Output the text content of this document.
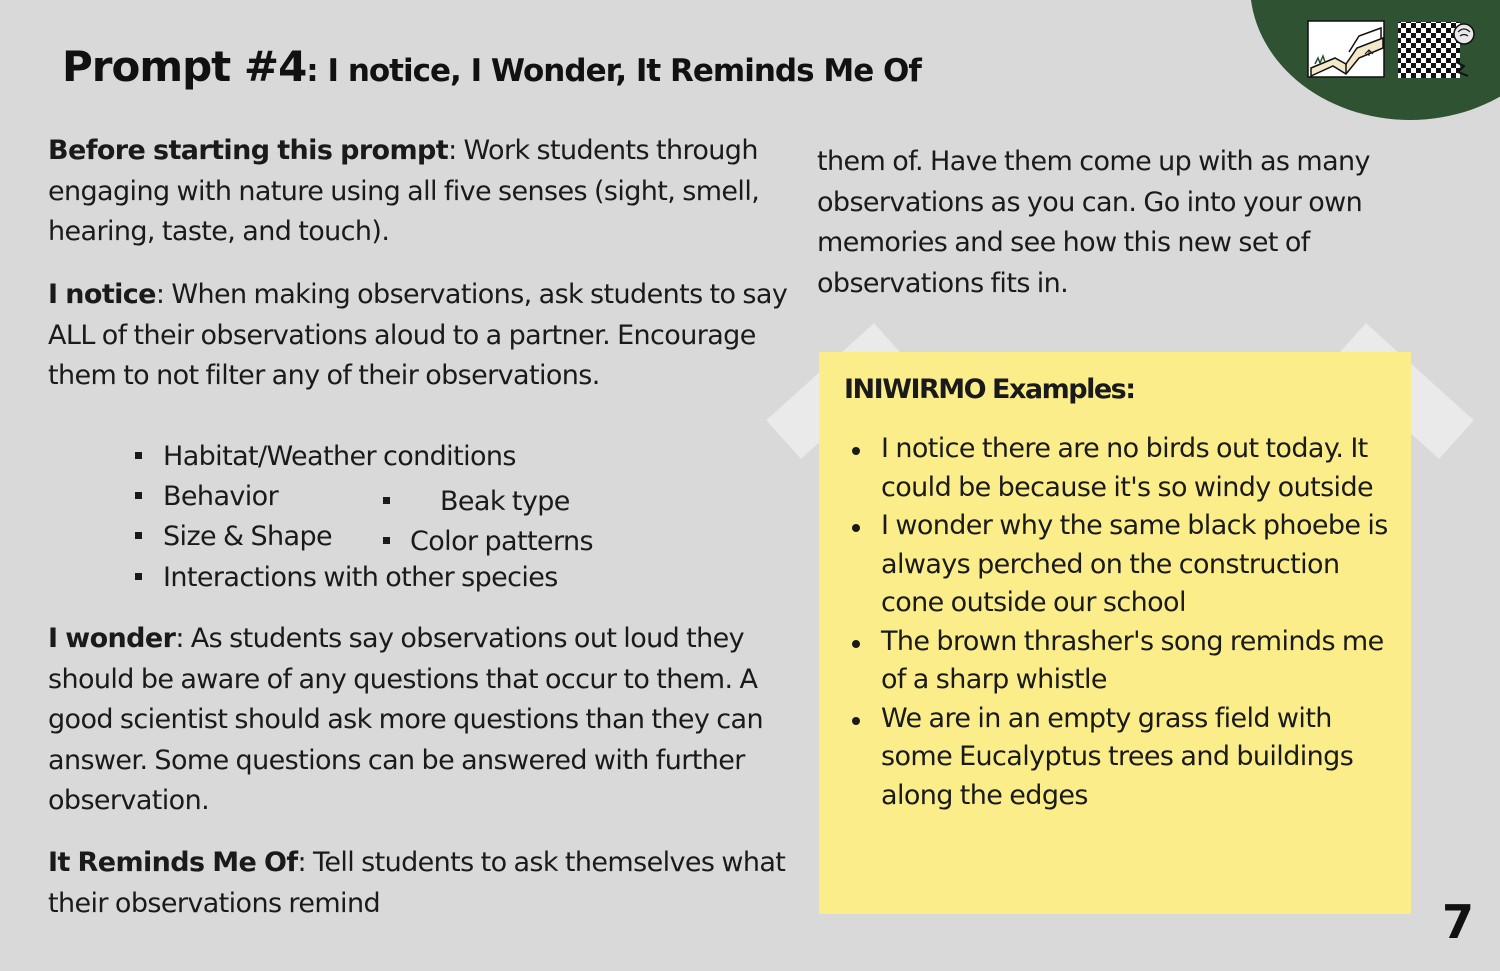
Prompt #4: I notice, I Wonder, It Reminds Me Of

Before starting this prompt: Work students through engaging with nature using all five senses (sight, smell, hearing, taste, and touch).

I notice: When making observations, ask students to say ALL of their observations aloud to a partner. Encourage them to not filter any of their observations.

Habitat/Weather conditions
Behavior
Size & Shape
Interactions with other species
Beak type
Color patterns

I wonder: As students say observations out loud they should be aware of any questions that occur to them. A good scientist should ask more questions than they can answer. Some questions can be answered with further observation.

It Reminds Me Of: Tell students to ask themselves what their observations remind

them of. Have them come up with as many observations as you can. Go into your own memories and see how this new set of observations fits in.

INIWIRMO Examples:

I notice there are no birds out today. It could be because it's so windy outside
I wonder why the same black phoebe is always perched on the construction cone outside our school
The brown thrasher's song reminds me of a sharp whistle
We are in an empty grass field with some Eucalyptus trees and buildings along the edges
7
